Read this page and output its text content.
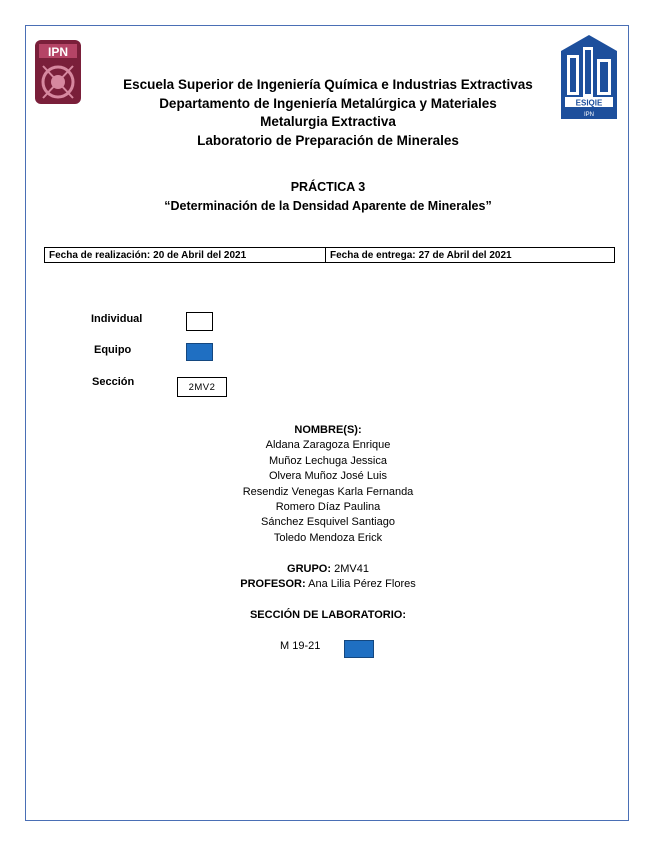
IPN
ESIQIE
IPN
Escuela Superior de Ingeniería Química e Industrias Extractivas
Departamento de Ingeniería Metalúrgica y Materiales
Metalurgia Extractiva
Laboratorio de Preparación de Minerales
PRÁCTICA 3
“Determinación de la Densidad Aparente de Minerales”
Fecha de realización: 20 de Abril del 2021	Fecha de entrega: 27 de Abril del 2021
Individual
Equipo
Sección	2MV2
NOMBRE(S):
Aldana Zaragoza Enrique
Muñoz Lechuga Jessica
Olvera Muñoz José Luis
Resendiz Venegas Karla Fernanda
Romero Díaz Paulina
Sánchez Esquivel Santiago
Toledo Mendoza Erick
GRUPO: 2MV41
PROFESOR: Ana Lilia Pérez Flores
SECCIÓN DE LABORATORIO:
M 19-21
